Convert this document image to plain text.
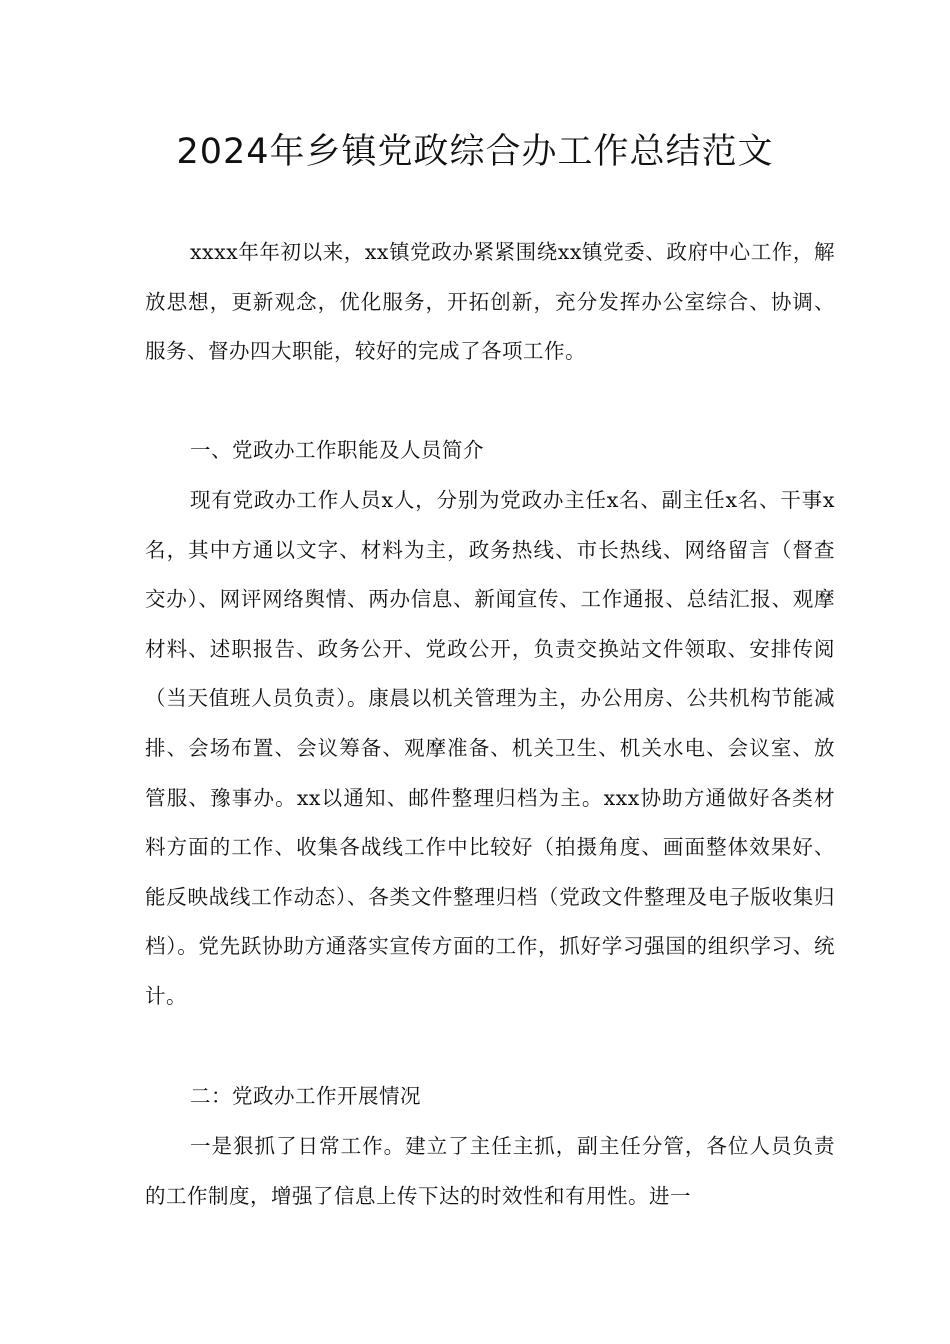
2024年乡镇党政综合办工作总结范文

xxxx年年初以来，xx镇党政办紧紧围绕xx镇党委、政府中心工作，解放思想，更新观念，优化服务，开拓创新，充分发挥办公室综合、协调、服务、督办四大职能，较好的完成了各项工作。

一、党政办工作职能及人员简介

现有党政办工作人员x人，分别为党政办主任x名、副主任x名、干事x名，其中方通以文字、材料为主，政务热线、市长热线、网络留言（督查交办）、网评网络舆情、两办信息、新闻宣传、工作通报、总结汇报、观摩材料、述职报告、政务公开、党政公开，负责交换站文件领取、安排传阅（当天值班人员负责）。康晨以机关管理为主，办公用房、公共机构节能减排、会场布置、会议筹备、观摩准备、机关卫生、机关水电、会议室、放管服、豫事办。xx以通知、邮件整理归档为主。xxx协助方通做好各类材料方面的工作、收集各战线工作中比较好（拍摄角度、画面整体效果好、能反映战线工作动态）、各类文件整理归档（党政文件整理及电子版收集归档）。党先跃协助方通落实宣传方面的工作，抓好学习强国的组织学习、统计。

二：党政办工作开展情况

一是狠抓了日常工作。建立了主任主抓，副主任分管，各位人员负责的工作制度，增强了信息上传下达的时效性和有用性。进一
